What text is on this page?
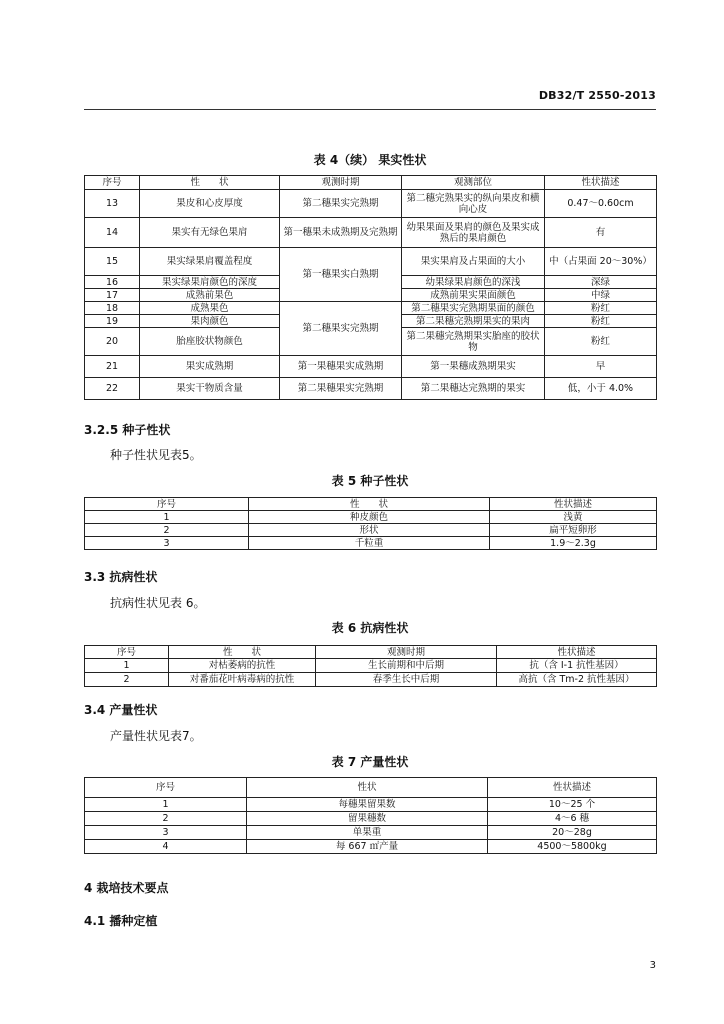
DB32/T 2550-2013
表 4（续） 果实性状
序号	性　　状	观测时期	观测部位	性状描述
13	果皮和心皮厚度	第二穗果实完熟期	第二穗完熟果实的纵向果皮和横向心皮	0.47～0.60cm
14	果实有无绿色果肩	第一穗果未成熟期及完熟期	幼果果面及果肩的颜色及果实成熟后的果肩颜色	有
15	果实绿果肩覆盖程度	第一穗果实白熟期	果实果肩及占果面的大小	中（占果面 20～30%）
16	果实绿果肩颜色的深度		幼果绿果肩颜色的深浅	深绿
17	成熟前果色		成熟前果实果面颜色	中绿
18	成熟果色	第二穗果实完熟期	第二穗果实完熟期果面的颜色	粉红
19	果肉颜色		第二果穗完熟期果实的果肉	粉红
20	胎座胶状物颜色		第二果穗完熟期果实胎座的胶状物	粉红
21	果实成熟期	第一果穗果实成熟期	第一果穗成熟期果实	早
22	果实干物质含量	第二果穗果实完熟期	第二果穗达完熟期的果实	低，小于 4.0%
3.2.5 种子性状
种子性状见表5。
表 5 种子性状
序号	性　　状	性状描述
1	种皮颜色	浅黄
2	形状	扁平短卵形
3	千粒重	1.9～2.3g
3.3 抗病性状
抗病性状见表 6。
表 6 抗病性状
序号	性　　状	观测时期	性状描述
1	对枯萎病的抗性	生长前期和中后期	抗（含 I-1 抗性基因）
2	对番茄花叶病毒病的抗性	春季生长中后期	高抗（含 Tm-2 抗性基因）
3.4 产量性状
产量性状见表7。
表 7 产量性状
序号	性状	性状描述
1	每穗果留果数	10～25 个
2	留果穗数	4～6 穗
3	单果重	20～28g
4	每 667 ㎡产量	4500～5800kg
4 栽培技术要点
4.1 播种定植
3
